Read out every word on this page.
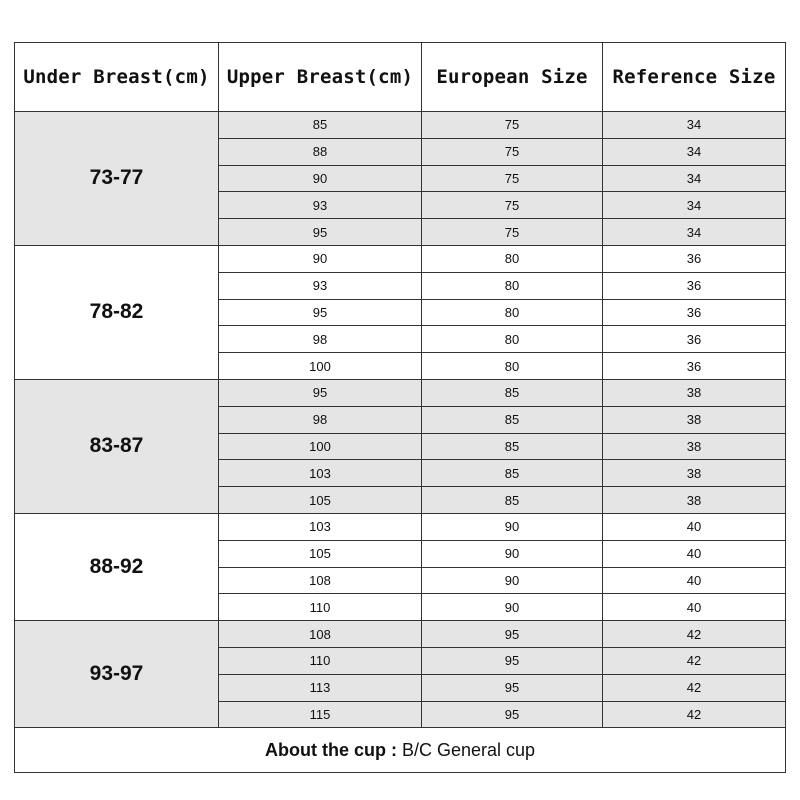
Under Breast(cm)	Upper Breast(cm)	European Size	Reference Size
73-77	85	75	34
	88	75	34
	90	75	34
	93	75	34
	95	75	34
78-82	90	80	36
	93	80	36
	95	80	36
	98	80	36
	100	80	36
83-87	95	85	38
	98	85	38
	100	85	38
	103	85	38
	105	85	38
88-92	103	90	40
	105	90	40
	108	90	40
	110	90	40
93-97	108	95	42
	110	95	42
	113	95	42
	115	95	42
About the cup : B/C General cup			
